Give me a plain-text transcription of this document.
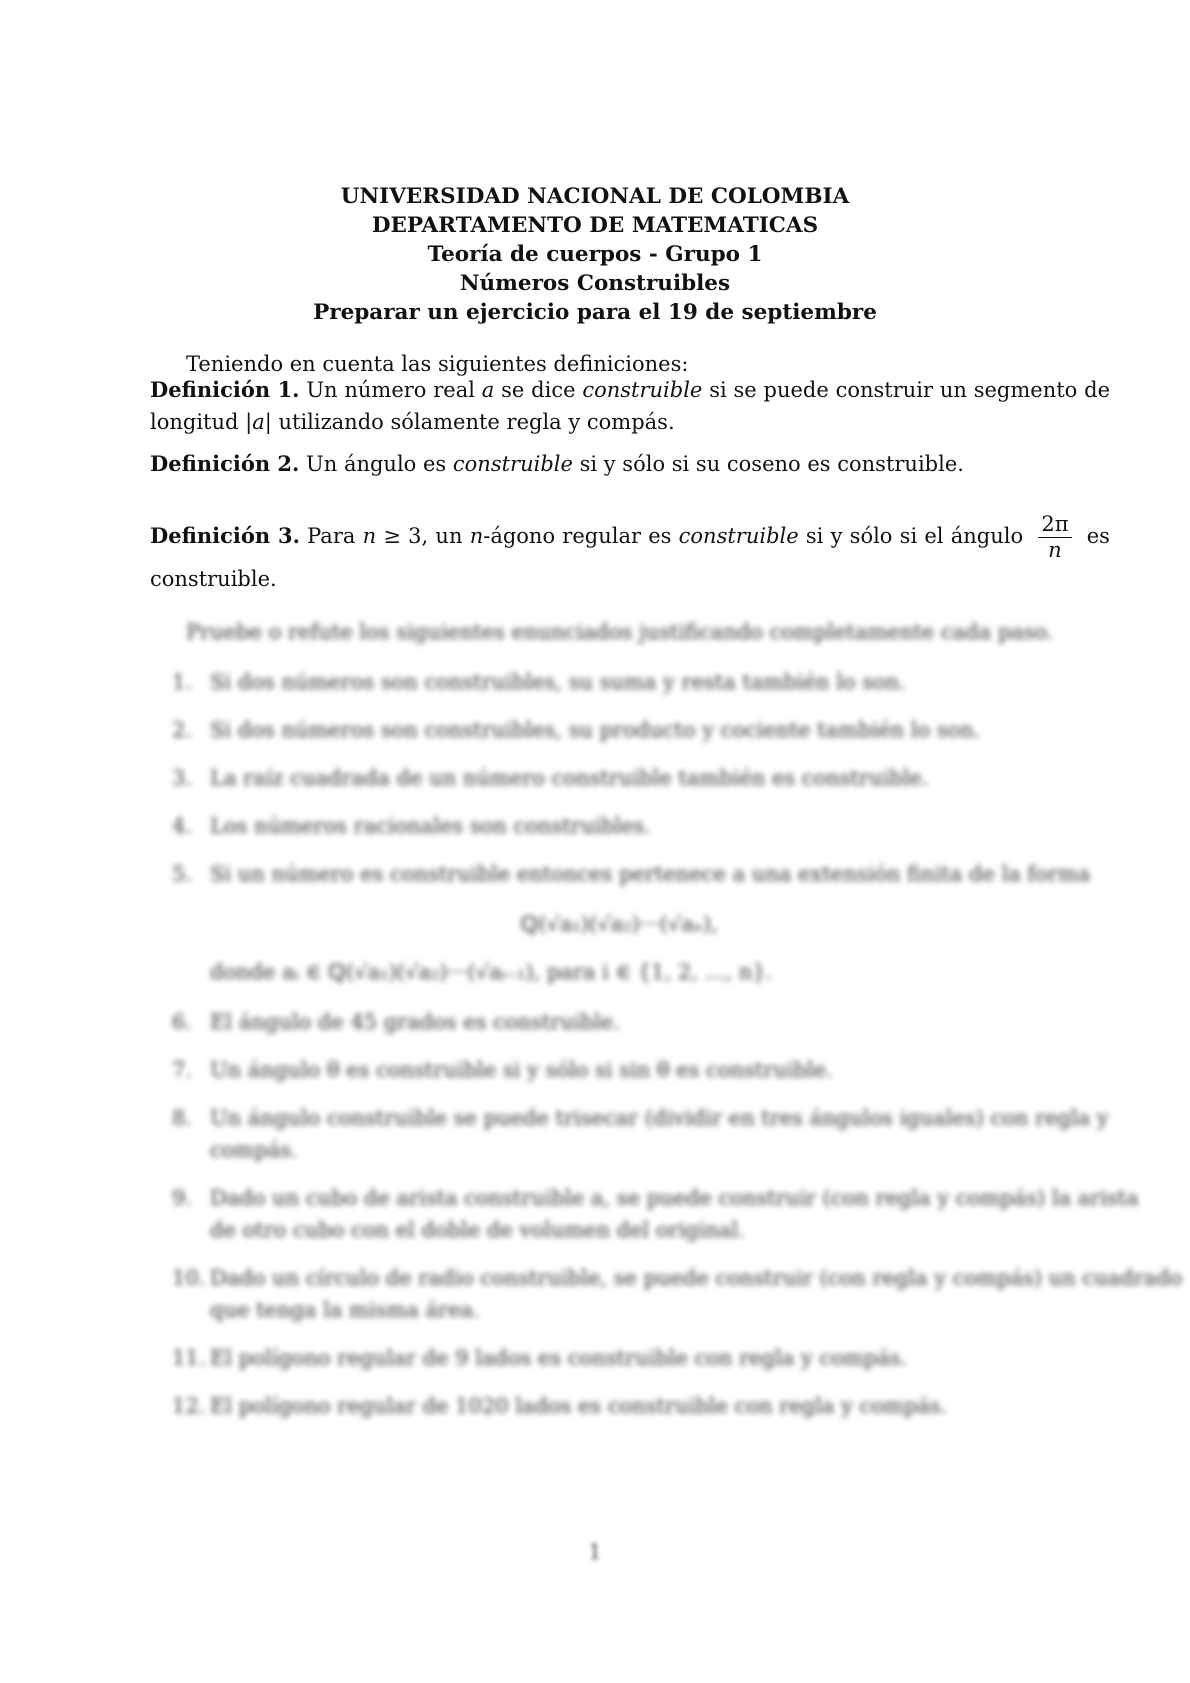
UNIVERSIDAD NACIONAL DE COLOMBIA
DEPARTAMENTO DE MATEMATICAS
Teoría de cuerpos - Grupo 1
Números Construibles
Preparar un ejercicio para el 19 de septiembre
Teniendo en cuenta las siguientes definiciones:
Definición 1. Un número real a se dice construible si se puede construir un segmento de longitud |a| utilizando sólamente regla y compás.
Definición 2. Un ángulo es construible si y sólo si su coseno es construible.
Definición 3. Para n ≥ 3, un n-ágono regular es construible si y sólo si el ángulo $\frac{2\pi}{n}$ es construible.
Pruebe o refute los siguientes enunciados justificando completamente cada paso.
1. Si dos números son construibles, su suma y resta también lo son.
2. Si dos números son construibles, su producto y cociente también lo son.
3. La raíz cuadrada de un número construible también es construible.
4. Los números racionales son construibles.
5. Si un número es construible entonces pertenece a una extensión finita de la forma
ℚ(√a₁)(√a₂)···(√aₙ),
donde aᵢ ∈ ℚ(√a₁)(√a₂)···(√aᵢ₋₁), para i ∈ {1, 2, …, n}.
6. El ángulo de 45 grados es construible.
7. Un ángulo θ es construible si y sólo si sin θ es construible.
8. Un ángulo construible se puede trisecar (dividir en tres ángulos iguales) con regla y
compás.
9. Dado un cubo de arista construible a, se puede construir (con regla y compás) la arista
de otro cubo con el doble de volumen del original.
10. Dado un círculo de radio construible, se puede construir (con regla y compás) un cuadrado
que tenga la misma área.
11. El polígono regular de 9 lados es construible con regla y compás.
12. El polígono regular de 1020 lados es construible con regla y compás.
1
